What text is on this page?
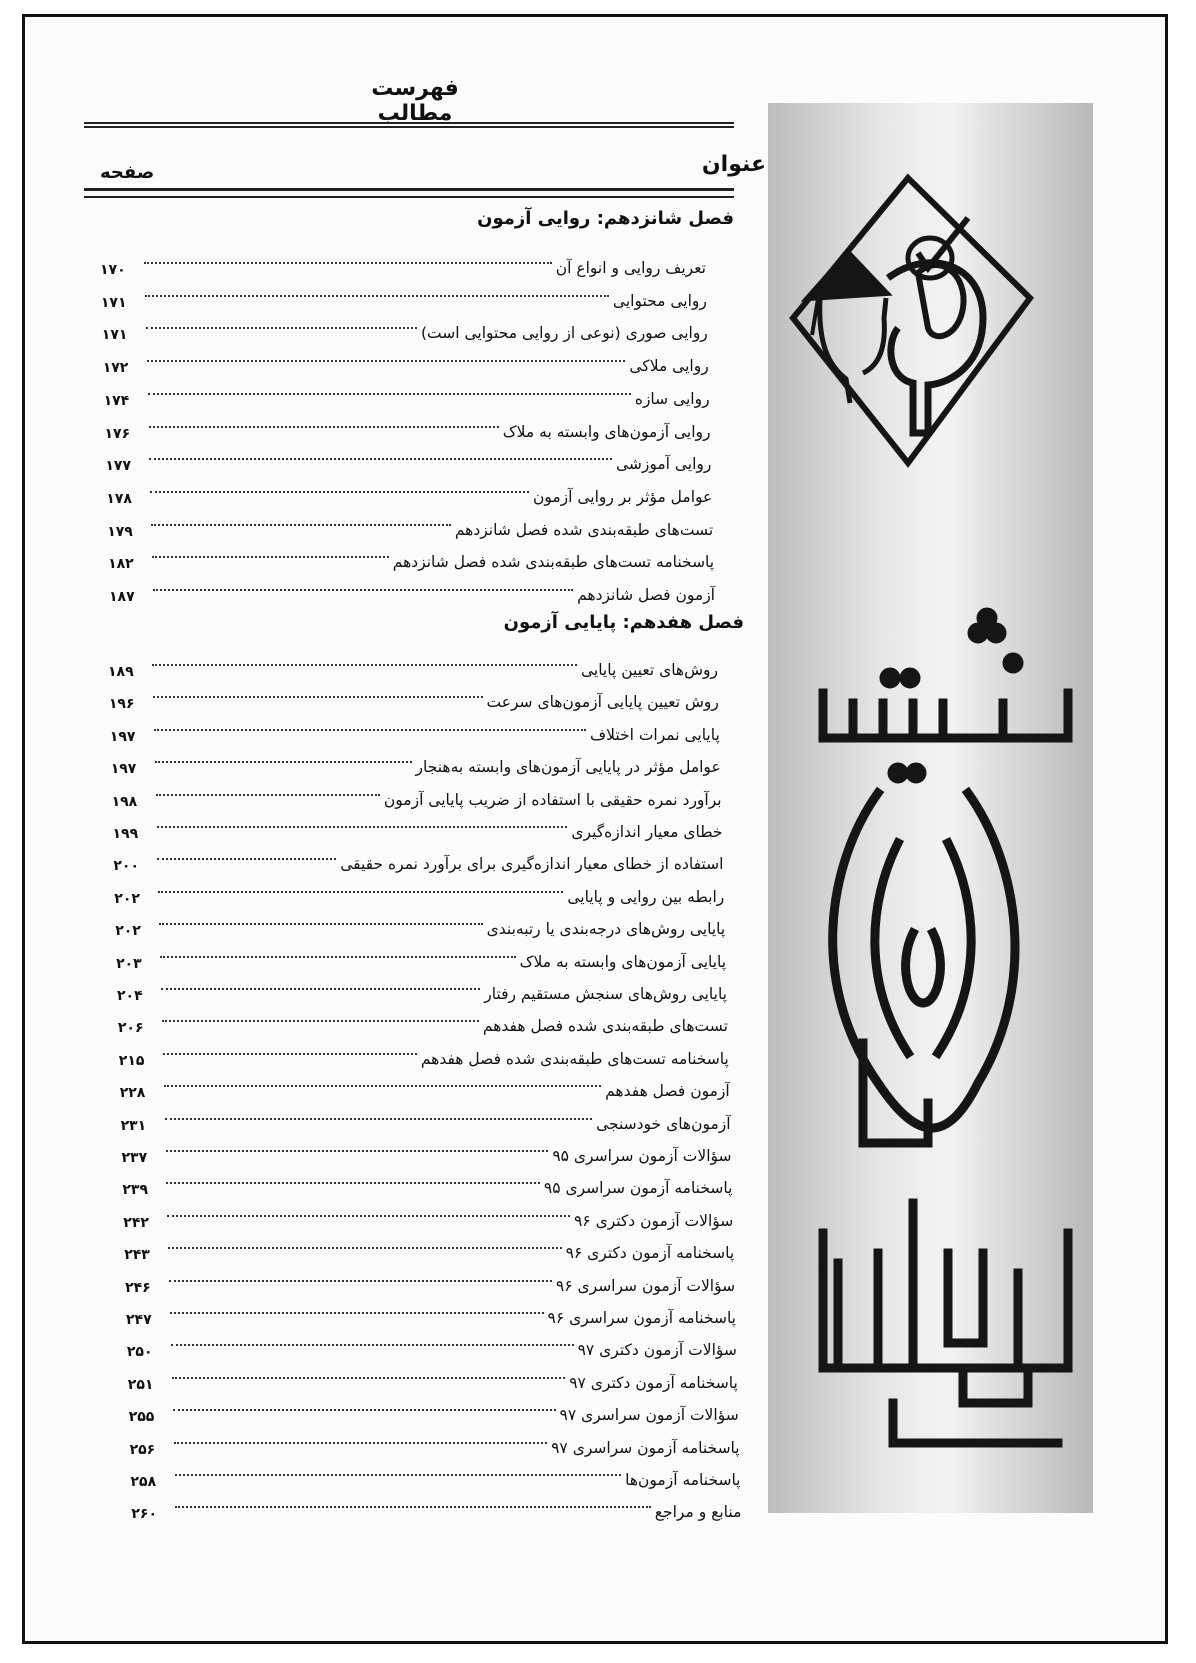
فهرست مطالب
عنوان
صفحه
فصل شانزدهم: روایی آزمون
تعریف روایی و انواع آن
۱۷۰
روایی محتوایی
۱۷۱
روایی صوری (نوعی از روایی محتوایی است)
۱۷۱
روایی ملاکی
۱۷۲
روایی سازه
۱۷۴
روایی آزمون‌های وابسته به ملاک
۱۷۶
روایی آموزشی
۱۷۷
عوامل مؤثر بر روایی آزمون
۱۷۸
تست‌های طبقه‌بندی شده فصل شانزدهم
۱۷۹
پاسخنامه تست‌های طبقه‌بندی شده فصل شانزدهم
۱۸۲
آزمون فصل شانزدهم
۱۸۷
فصل هفدهم: پایایی آزمون
روش‌های تعیین پایایی
۱۸۹
روش تعیین پایایی آزمون‌های سرعت
۱۹۶
پایایی نمرات اختلاف
۱۹۷
عوامل مؤثر در پایایی آزمون‌های وابسته به‌هنجار
۱۹۷
برآورد نمره حقیقی با استفاده از ضریب پایایی آزمون
۱۹۸
خطای معیار اندازه‌گیری
۱۹۹
استفاده از خطای معیار اندازه‌گیری برای برآورد نمره حقیقی
۲۰۰
رابطه بین روایی و پایایی
۲۰۲
پایایی روش‌های درجه‌بندی یا رتبه‌بندی
۲۰۲
پایایی آزمون‌های وابسته به ملاک
۲۰۳
پایایی روش‌های سنجش مستقیم رفتار
۲۰۴
تست‌های طبقه‌بندی شده فصل هفدهم
۲۰۶
پاسخنامه تست‌های طبقه‌بندی شده فصل هفدهم
۲۱۵
آزمون فصل هفدهم
۲۲۸
آزمون‌های خودسنجی
۲۳۱
سؤالات آزمون سراسری ۹۵
۲۳۷
پاسخنامه آزمون سراسری ۹۵
۲۳۹
سؤالات آزمون دکتری ۹۶
۲۴۲
پاسخنامه آزمون دکتری ۹۶
۲۴۳
سؤالات آزمون سراسری ۹۶
۲۴۶
پاسخنامه آزمون سراسری ۹۶
۲۴۷
سؤالات آزمون دکتری ۹۷
۲۵۰
پاسخنامه آزمون دکتری ۹۷
۲۵۱
سؤالات آزمون سراسری ۹۷
۲۵۵
پاسخنامه آزمون سراسری ۹۷
۲۵۶
پاسخنامه آزمون‌ها
۲۵۸
منابع و مراجع
۲۶۰
